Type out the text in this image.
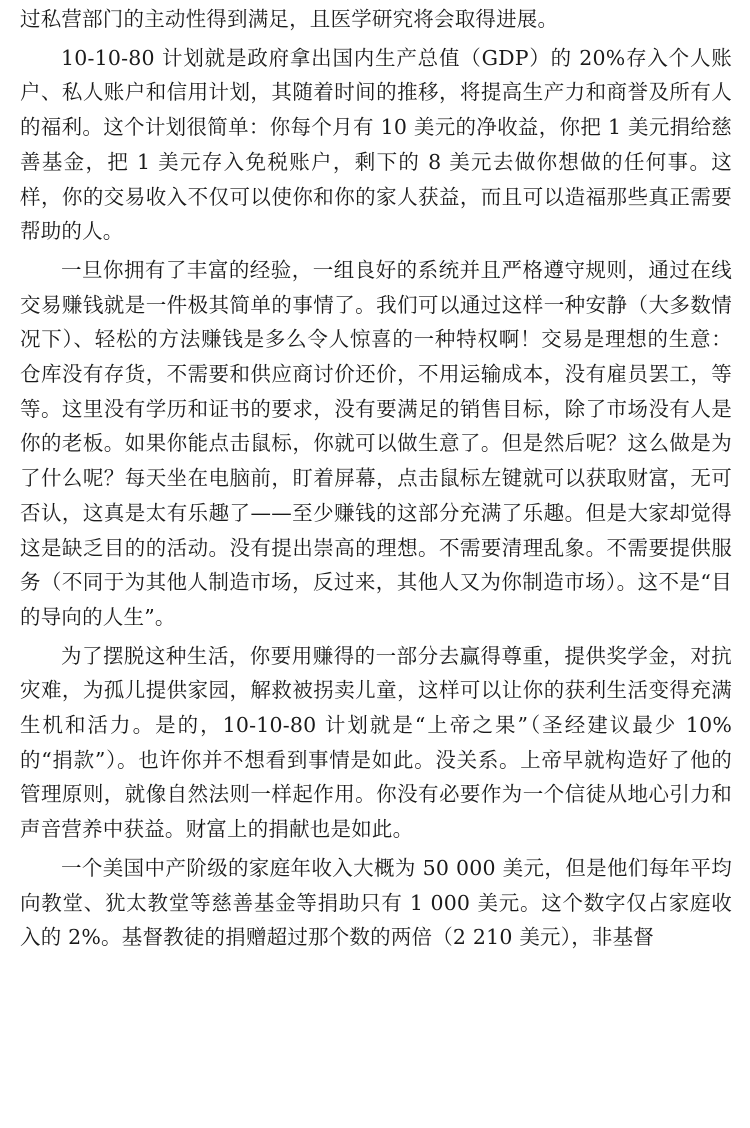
过私营部门的主动性得到满足，且医学研究将会取得进展。

10-10-80 计划就是政府拿出国内生产总值（GDP）的 20%存入个人账户、私人账户和信用计划，其随着时间的推移，将提高生产力和商誉及所有人的福利。这个计划很简单：你每个月有 10 美元的净收益，你把 1 美元捐给慈善基金，把 1 美元存入免税账户，剩下的 8 美元去做你想做的任何事。这样，你的交易收入不仅可以使你和你的家人获益，而且可以造福那些真正需要帮助的人。

一旦你拥有了丰富的经验，一组良好的系统并且严格遵守规则，通过在线交易赚钱就是一件极其简单的事情了。我们可以通过这样一种安静（大多数情况下）、轻松的方法赚钱是多么令人惊喜的一种特权啊！交易是理想的生意：仓库没有存货，不需要和供应商讨价还价，不用运输成本，没有雇员罢工，等等。这里没有学历和证书的要求，没有要满足的销售目标，除了市场没有人是你的老板。如果你能点击鼠标，你就可以做生意了。但是然后呢？这么做是为了什么呢？每天坐在电脑前，盯着屏幕，点击鼠标左键就可以获取财富，无可否认，这真是太有乐趣了——至少赚钱的这部分充满了乐趣。但是大家却觉得这是缺乏目的的活动。没有提出崇高的理想。不需要清理乱象。不需要提供服务（不同于为其他人制造市场，反过来，其他人又为你制造市场）。这不是“目的导向的人生”。

为了摆脱这种生活，你要用赚得的一部分去赢得尊重，提供奖学金，对抗灾难，为孤儿提供家园，解救被拐卖儿童，这样可以让你的获利生活变得充满生机和活力。是的，10-10-80 计划就是“上帝之果”（圣经建议最少 10%的“捐款”）。也许你并不想看到事情是如此。没关系。上帝早就构造好了他的管理原则，就像自然法则一样起作用。你没有必要作为一个信徒从地心引力和声音营养中获益。财富上的捐献也是如此。

一个美国中产阶级的家庭年收入大概为 50 000 美元，但是他们每年平均向教堂、犹太教堂等慈善基金等捐助只有 1 000 美元。这个数字仅占家庭收入的 2%。基督教徒的捐赠超过那个数的两倍（2 210 美元），非基督
